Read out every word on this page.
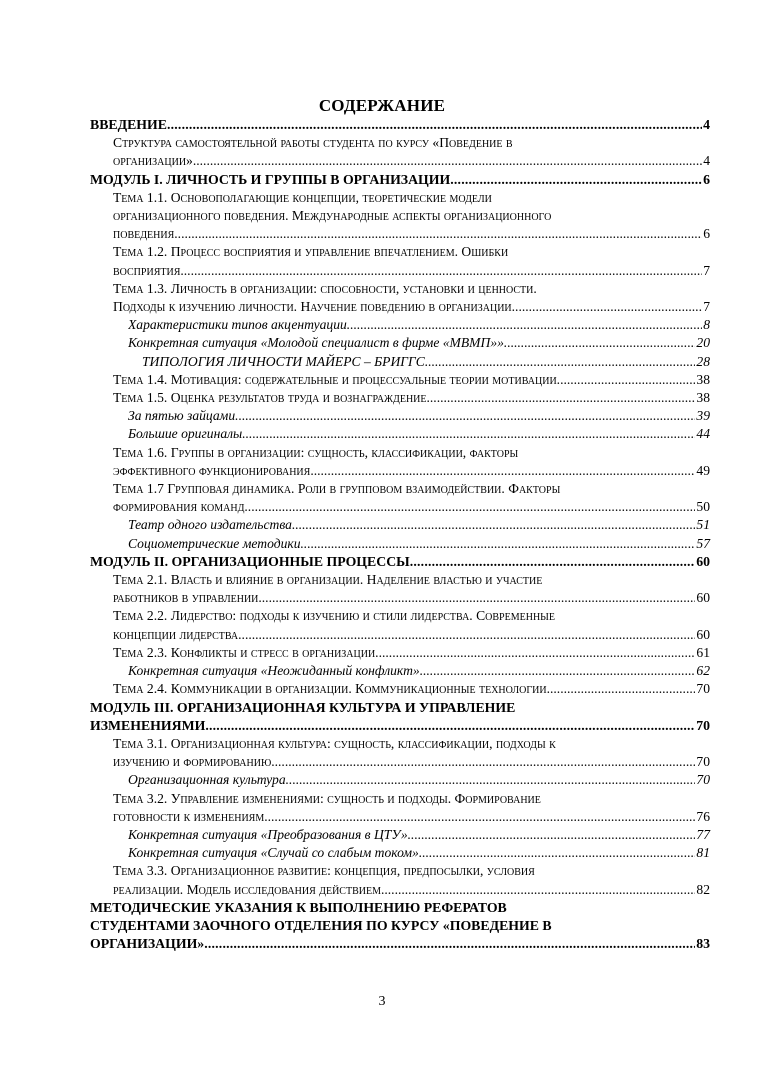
СОДЕРЖАНИЕ
ВВЕДЕНИЕ .....	4
Структура самостоятельной работы студента по курсу «Поведение в
организации» .....	4
МОДУЛЬ I. ЛИЧНОСТЬ И ГРУППЫ В ОРГАНИЗАЦИИ .....	6
Тема 1.1. Основополагающие концепции, теоретические модели
организационного поведения. Международные аспекты организационного
поведения. .....	6
Тема 1.2. Процесс восприятия и управление впечатлением. Ошибки
восприятия. .....	7
Тема 1.3. Личность в организации: способности, установки и ценности.
Подходы к изучению личности. Научение поведению в организации. .....	7
Характеристики типов акцентуации .....	8
Конкретная ситуация «Молодой специалист в фирме «МВМП»» .....	20
ТИПОЛОГИЯ ЛИЧНОСТИ МАЙЕРС – БРИГГС .....	28
Тема 1.4. Мотивация: содержательные и процессуальные теории мотивации. .....	38
Тема 1.5. Оценка результатов труда и вознаграждение .....	38
За пятью зайцами .....	39
Большие оригиналы .....	44
Тема 1.6. Группы в организации: сущность, классификации, факторы
эффективного функционирования .....	49
Тема 1.7 Групповая динамика. Роли в групповом взаимодействии. Факторы
формирования команд. .....	50
Театр одного издательства .....	51
Социометрические методики .....	57
МОДУЛЬ II. ОРГАНИЗАЦИОННЫЕ ПРОЦЕССЫ .....	60
Тема 2.1. Власть и влияние в организации. Наделение властью и участие
работников в управлении. .....	60
Тема 2.2. Лидерство: подходы к изучению и стили лидерства. Современные
концепции лидерства .....	60
Тема 2.3. Конфликты и стресс в организации. .....	61
Конкретная ситуация «Неожиданный конфликт» .....	62
Тема 2.4. Коммуникации в организации. Коммуникационные технологии. .....	70
МОДУЛЬ III. ОРГАНИЗАЦИОННАЯ КУЛЬТУРА И УПРАВЛЕНИЕ
ИЗМЕНЕНИЯМИ .....	70
Тема 3.1. Организационная культура: сущность, классификации, подходы к
изучению и формированию. .....	70
Организационная культура .....	70
Тема 3.2. Управление изменениями: сущность и подходы. Формирование
готовности к изменениям. .....	76
Конкретная ситуация «Преобразования в ЦТУ» .....	77
Конкретная ситуация «Случай со слабым током» .....	81
Тема 3.3. Организационное развитие: концепция, предпосылки, условия
реализации. Модель исследования действием. .....	82
МЕТОДИЧЕСКИЕ УКАЗАНИЯ К ВЫПОЛНЕНИЮ РЕФЕРАТОВ
СТУДЕНТАМИ ЗАОЧНОГО ОТДЕЛЕНИЯ ПО КУРСУ «ПОВЕДЕНИЕ В
ОРГАНИЗАЦИИ» .....	83
3
